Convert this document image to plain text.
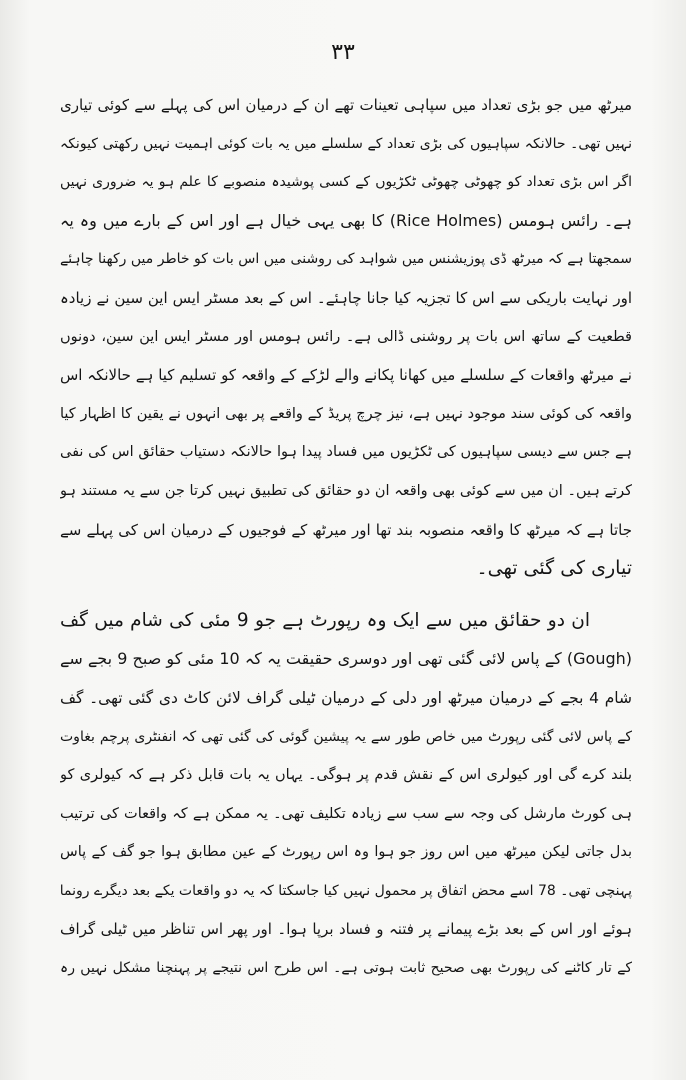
۳۳
میرٹھ میں جو بڑی تعداد میں سپاہی تعینات تھے ان کے درمیان اس کی پہلے سے کوئی تیاری
نہیں تھی۔ حالانکہ سپاہیوں کی بڑی تعداد کے سلسلے میں یہ بات کوئی اہمیت نہیں رکھتی کیونکہ
اگر اس بڑی تعداد کو چھوٹی چھوٹی ٹکڑیوں کے کسی پوشیدہ منصوبے کا علم ہو یہ ضروری نہیں
ہے۔ رائس ہومس (Rice Holmes) کا بھی یہی خیال ہے اور اس کے بارے میں وہ یہ
سمجھتا ہے کہ میرٹھ ڈی پوزیشنس میں شواہد کی روشنی میں اس بات کو خاطر میں رکھنا چاہئے
اور نہایت باریکی سے اس کا تجزیہ کیا جانا چاہئے۔ اس کے بعد مسٹر ایس این سین نے زیادہ
قطعیت کے ساتھ اس بات پر روشنی ڈالی ہے۔ رائس ہومس اور مسٹر ایس این سین، دونوں
نے میرٹھ واقعات کے سلسلے میں کھانا پکانے والے لڑکے کے واقعہ کو تسلیم کیا ہے حالانکہ اس
واقعہ کی کوئی سند موجود نہیں ہے، نیز چرچ پریڈ کے واقعے پر بھی انہوں نے یقین کا اظہار کیا
ہے جس سے دیسی سپاہیوں کی ٹکڑیوں میں فساد پیدا ہوا حالانکہ دستیاب حقائق اس کی نفی
کرتے ہیں۔ ان میں سے کوئی بھی واقعہ ان دو حقائق کی تطبیق نہیں کرتا جن سے یہ مستند ہو
جاتا ہے کہ میرٹھ کا واقعہ منصوبہ بند تھا اور میرٹھ کے فوجیوں کے درمیان اس کی پہلے سے
تیاری کی گئی تھی۔
ان دو حقائق میں سے ایک وہ رپورٹ ہے جو 9 مئی کی شام میں گف
(Gough) کے پاس لائی گئی تھی اور دوسری حقیقت یہ کہ 10 مئی کو صبح 9 بجے سے
شام 4 بجے کے درمیان میرٹھ اور دلی کے درمیان ٹیلی گراف لائن کاٹ دی گئی تھی۔ گف
کے پاس لائی گئی رپورٹ میں خاص طور سے یہ پیشین گوئی کی گئی تھی کہ انفنٹری پرچم بغاوت
بلند کرے گی اور کیولری اس کے نقش قدم پر ہوگی۔ یہاں یہ بات قابل ذکر ہے کہ کیولری کو
ہی کورٹ مارشل کی وجہ سے سب سے زیادہ تکلیف تھی۔ یہ ممکن ہے کہ واقعات کی ترتیب
بدل جاتی لیکن میرٹھ میں اس روز جو ہوا وہ اس رپورٹ کے عین مطابق ہوا جو گف کے پاس
پہنچی تھی۔ 78 اسے محض اتفاق پر محمول نہیں کیا جاسکتا کہ یہ دو واقعات یکے بعد دیگرے رونما
ہوئے اور اس کے بعد بڑے پیمانے پر فتنہ و فساد برپا ہوا۔ اور پھر اس تناظر میں ٹیلی گراف
کے تار کاٹنے کی رپورٹ بھی صحیح ثابت ہوتی ہے۔ اس طرح اس نتیجے پر پہنچنا مشکل نہیں رہ
